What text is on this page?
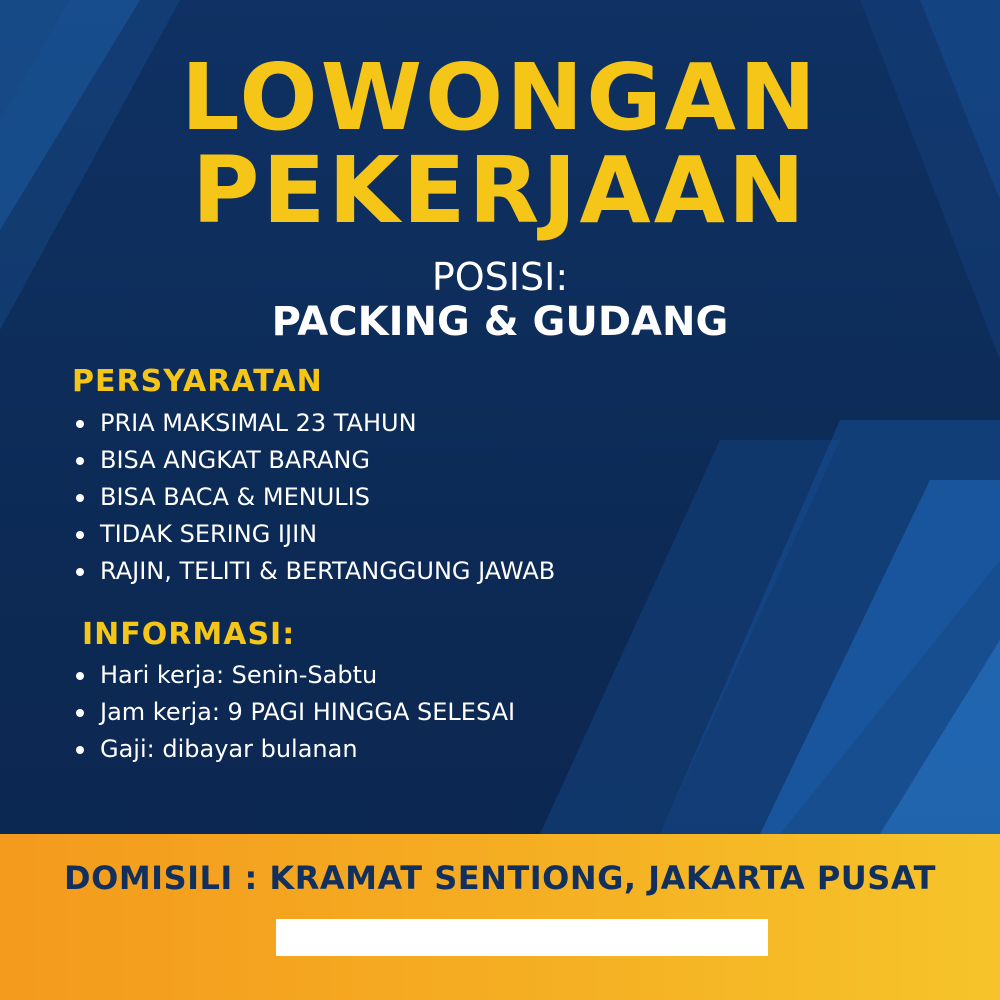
LOWONGAN
PEKERJAAN
POSISI:
PACKING & GUDANG
PERSYARATAN
PRIA MAKSIMAL 23 TAHUN
BISA ANGKAT BARANG
BISA BACA & MENULIS
TIDAK SERING IJIN
RAJIN, TELITI & BERTANGGUNG JAWAB
INFORMASI:
Hari kerja: Senin-Sabtu
Jam kerja: 9 PAGI HINGGA SELESAI
Gaji: dibayar bulanan
DOMISILI : KRAMAT SENTIONG, JAKARTA PUSAT
